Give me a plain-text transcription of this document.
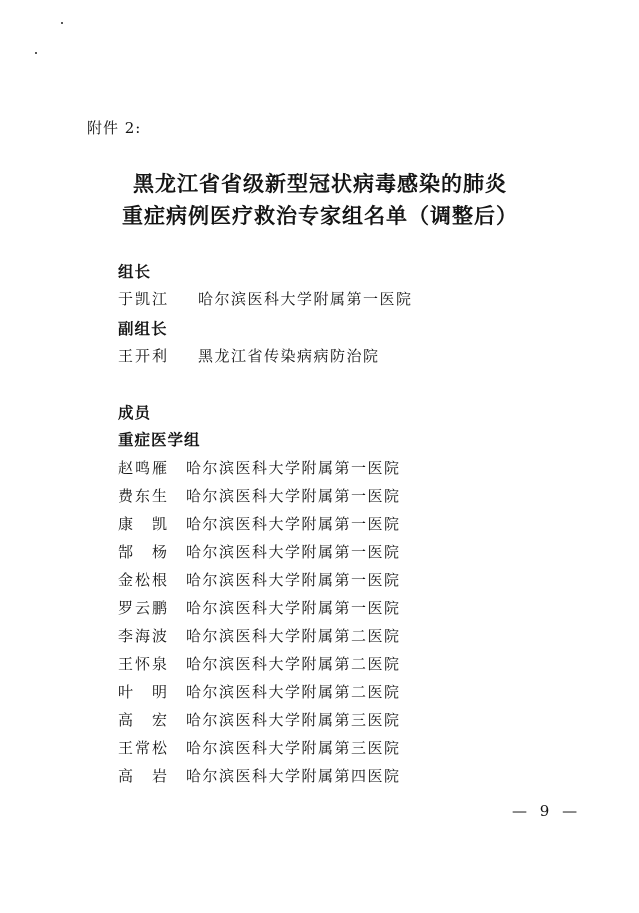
附件 2:
黑龙江省省级新型冠状病毒感染的肺炎
重症病例医疗救治专家组名单（调整后）
组长
于凯江 哈尔滨医科大学附属第一医院
副组长
王开利 黑龙江省传染病病防治院
成员
重症医学组
赵鸣雁 哈尔滨医科大学附属第一医院
费东生 哈尔滨医科大学附属第一医院
康　凯 哈尔滨医科大学附属第一医院
郜　杨 哈尔滨医科大学附属第一医院
金松根 哈尔滨医科大学附属第一医院
罗云鹏 哈尔滨医科大学附属第一医院
李海波 哈尔滨医科大学附属第二医院
王怀泉 哈尔滨医科大学附属第二医院
叶　明 哈尔滨医科大学附属第二医院
高　宏 哈尔滨医科大学附属第三医院
王常松 哈尔滨医科大学附属第三医院
高　岩 哈尔滨医科大学附属第四医院
— 9 —
